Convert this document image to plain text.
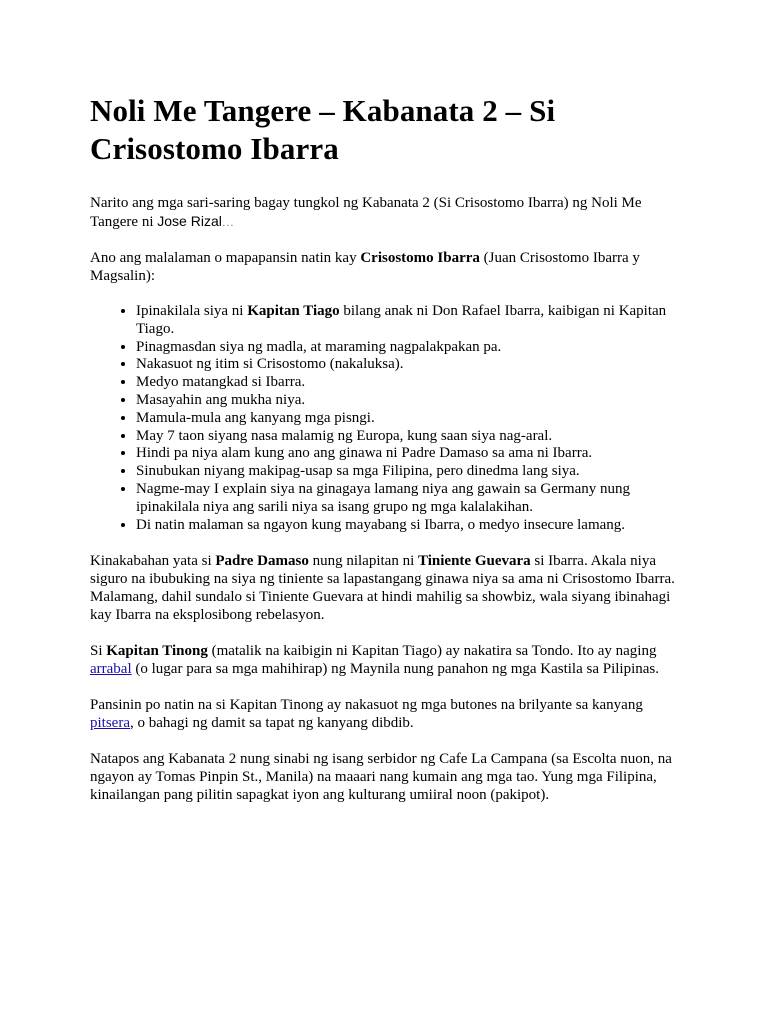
Noli Me Tangere – Kabanata 2 – Si Crisostomo Ibarra

Narito ang mga sari-saring bagay tungkol ng Kabanata 2 (Si Crisostomo Ibarra) ng Noli Me Tangere ni Jose Rizal…

Ano ang malalaman o mapapansin natin kay Crisostomo Ibarra (Juan Crisostomo Ibarra y Magsalin):

• Ipinakilala siya ni Kapitan Tiago bilang anak ni Don Rafael Ibarra, kaibigan ni Kapitan Tiago.
• Pinagmasdan siya ng madla, at maraming nagpalakpakan pa.
• Nakasuot ng itim si Crisostomo (nakaluksa).
• Medyo matangkad si Ibarra.
• Masayahin ang mukha niya.
• Mamula-mula ang kanyang mga pisngi.
• May 7 taon siyang nasa malamig ng Europa, kung saan siya nag-aral.
• Hindi pa niya alam kung ano ang ginawa ni Padre Damaso sa ama ni Ibarra.
• Sinubukan niyang makipag-usap sa mga Filipina, pero dinedma lang siya.
• Nagme-may I explain siya na ginagaya lamang niya ang gawain sa Germany nung ipinakilala niya ang sarili niya sa isang grupo ng mga kalalakihan.
• Di natin malaman sa ngayon kung mayabang si Ibarra, o medyo insecure lamang.

Kinakabahan yata si Padre Damaso nung nilapitan ni Tiniente Guevara si Ibarra. Akala niya siguro na ibubuking na siya ng tiniente sa lapastangang ginawa niya sa ama ni Crisostomo Ibarra. Malamang, dahil sundalo si Tiniente Guevara at hindi mahilig sa showbiz, wala siyang ibinahagi kay Ibarra na eksplosibong rebelasyon.

Si Kapitan Tinong (matalik na kaibigin ni Kapitan Tiago) ay nakatira sa Tondo. Ito ay naging arrabal (o lugar para sa mga mahihirap) ng Maynila nung panahon ng mga Kastila sa Pilipinas.

Pansinin po natin na si Kapitan Tinong ay nakasuot ng mga butones na brilyante sa kanyang pitsera, o bahagi ng damit sa tapat ng kanyang dibdib.

Natapos ang Kabanata 2 nung sinabi ng isang serbidor ng Cafe La Campana (sa Escolta nuon, na ngayon ay Tomas Pinpin St., Manila) na maaari nang kumain ang mga tao. Yung mga Filipina, kinailangan pang pilitin sapagkat iyon ang kulturang umiiral noon (pakipot).
